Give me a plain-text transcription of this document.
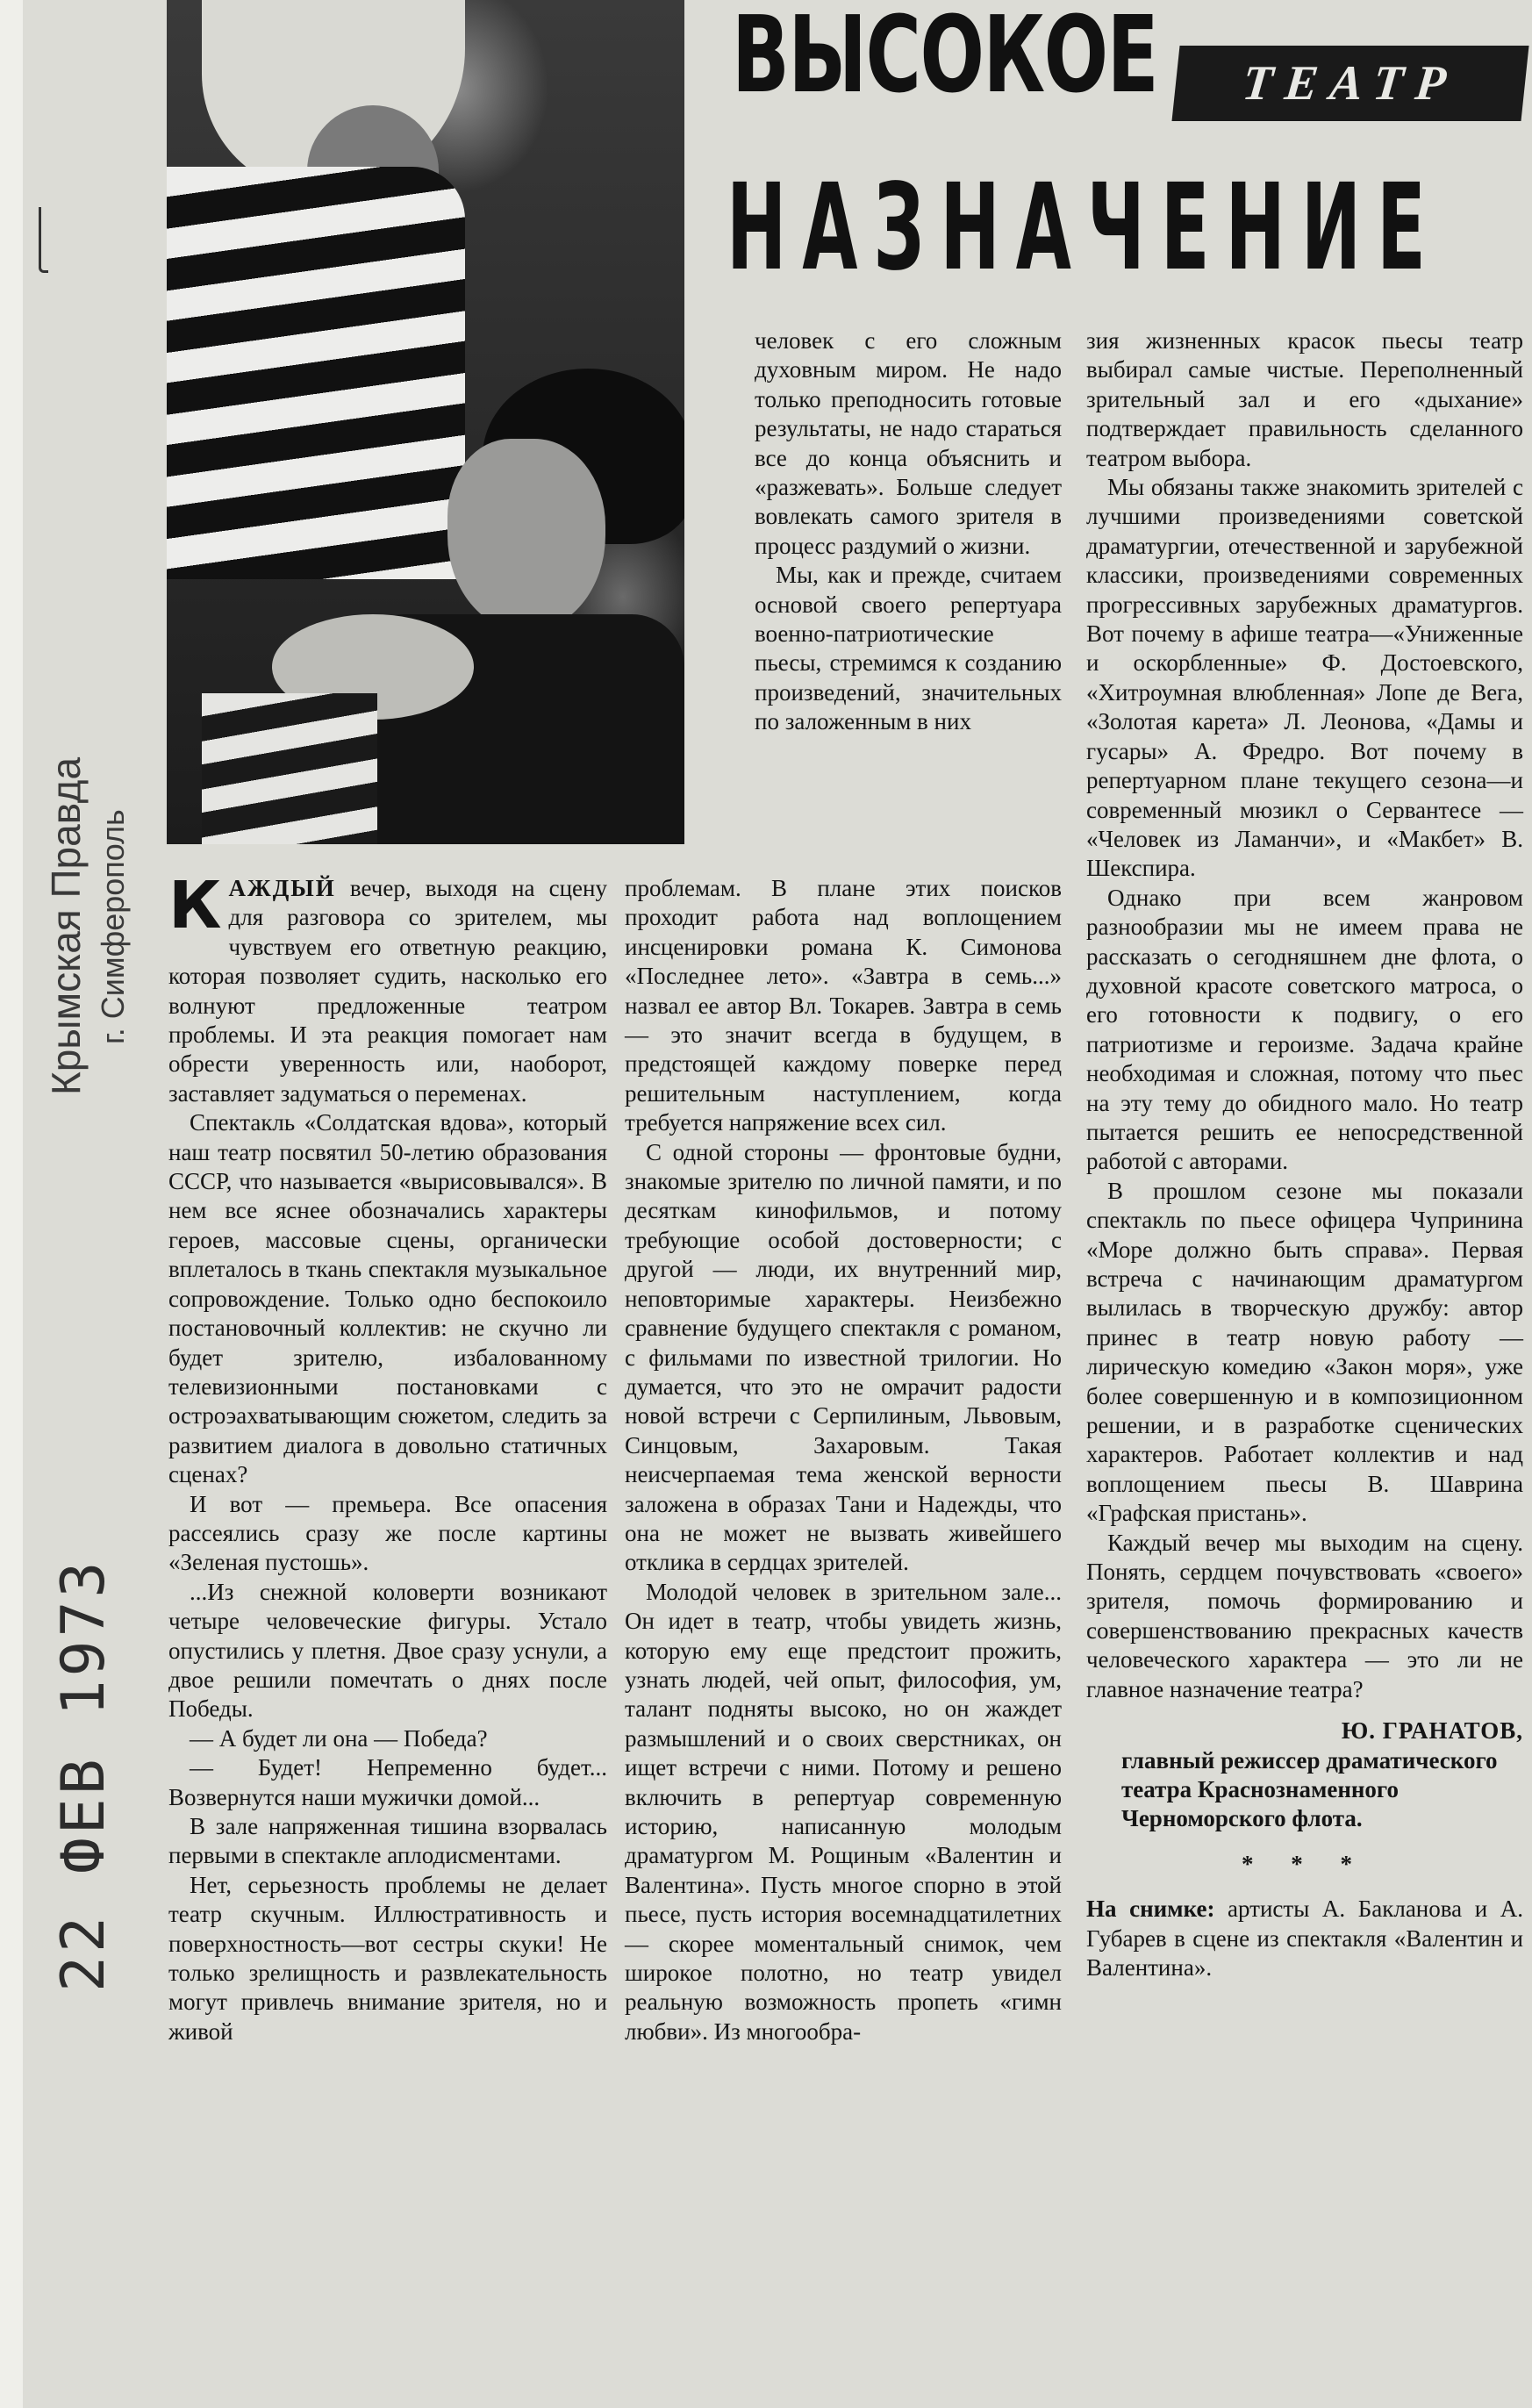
Крымская Правда г. Симферополь
22 ФЕВ 1973
ВЫСОКОЕ	ТЕАТР
НАЗНАЧЕНИЕ

человек с его сложным духовным миром. Не надо только преподносить готовые результаты, не надо стараться все до конца объяснить и «разжевать». Больше следует вовлекать самого зрителя в процесс раздумий о жизни.

Мы, как и прежде, считаем основой своего репертуара военно-патриотические пьесы, стремимся к созданию произведений, значительных по заложенным в них

зия жизненных красок пьесы театр выбирал самые чистые. Переполненный зрительный зал и его «дыхание» подтверждает правильность сделанного театром выбора.

Мы обязаны также знакомить зрителей с лучшими произведениями советской драматургии, отечественной и зарубежной классики, произведениями современных прогрессивных зарубежных драматургов. Вот почему в афише театра—«Униженные и оскорбленные» Ф. Достоевского, «Хитроумная влюбленная» Лопе де Вега, «Золотая карета» Л. Леонова, «Дамы и гусары» А. Фредро. Вот почему в репертуарном плане текущего сезона—и современный мюзикл о Сервантесе — «Человек из Ламанчи», и «Макбет» В. Шекспира.

Однако при всем жанровом разнообразии мы не имеем права не рассказать о сегодняшнем дне флота, о духовной красоте советского матроса, о его готовности к подвигу, о его патриотизме и героизме. Задача крайне необходимая и сложная, потому что пьес на эту тему до обидного мало. Но театр пытается решить ее непосредственной работой с авторами.

В прошлом сезоне мы показали спектакль по пьесе офицера Чупринина «Море должно быть справа». Первая встреча с начинающим драматургом вылилась в творческую дружбу: автор принес в театр новую работу — лирическую комедию «Закон моря», уже более совершенную и в композиционном решении, и в разработке сценических характеров. Работает коллектив и над воплощением пьесы В. Шаврина «Графская пристань».

Каждый вечер мы выходим на сцену. Понять, сердцем почувствовать «своего» зрителя, помочь формированию и совершенствованию прекрасных качеств человеческого характера — это ли не главное назначение театра?

Ю. ГРАНАТОВ,
главный режиссер драматического театра Краснознаменного Черноморского флота.
* * *

На снимке: артисты А. Бакланова и А. Губарев в сцене из спектакля «Валентин и Валентина».

КАЖДЫЙ вечер, выходя на сцену для разговора со зрителем, мы чувствуем его ответную реакцию, которая позволяет судить, насколько его волнуют предложенные театром проблемы. И эта реакция помогает нам обрести уверенность или, наоборот, заставляет задуматься о переменах.

Спектакль «Солдатская вдова», который наш театр посвятил 50-летию образования СССР, что называется «вырисовывался». В нем все яснее обозначались характеры героев, массовые сцены, органически вплеталось в ткань спектакля музыкальное сопровождение. Только одно беспокоило постановочный коллектив: не скучно ли будет зрителю, избалованному телевизионными постановками с остроэахватывающим сюжетом, следить за развитием диалога в довольно статичных сценах?

И вот — премьера. Все опасения рассеялись сразу же после картины «Зеленая пустошь».

...Из снежной коловерти возникают четыре человеческие фигуры. Устало опустились у плетня. Двое сразу уснули, а двое решили помечтать о днях после Победы.

— А будет ли она — Победа?

— Будет! Непременно будет... Возвернутся наши мужички домой...

В зале напряженная тишина взорвалась первыми в спектакле аплодисментами.

Нет, серьезность проблемы не делает театр скучным. Иллюстративность и поверхностность—вот сестры скуки! Не только зрелищность и развлекательность могут привлечь внимание зрителя, но и живой

проблемам. В плане этих поисков проходит работа над воплощением инсценировки романа К. Симонова «Последнее лето». «Завтра в семь...» назвал ее автор Вл. Токарев. Завтра в семь — это значит всегда в будущем, в предстоящей каждому поверке перед решительным наступлением, когда требуется напряжение всех сил.

С одной стороны — фронтовые будни, знакомые зрителю по личной памяти, и по десяткам кинофильмов, и потому требующие особой достоверности; с другой — люди, их внутренний мир, неповторимые характеры. Неизбежно сравнение будущего спектакля с романом, с фильмами по известной трилогии. Но думается, что это не омрачит радости новой встречи с Серпилиным, Львовым, Синцовым, Захаровым. Такая неисчерпаемая тема женской верности заложена в образах Тани и Надежды, что она не может не вызвать живейшего отклика в сердцах зрителей.

Молодой человек в зрительном зале... Он идет в театр, чтобы увидеть жизнь, которую ему еще предстоит прожить, узнать людей, чей опыт, философия, ум, талант подняты высоко, но он жаждет размышлений и о своих сверстниках, он ищет встречи с ними. Потому и решено включить в репертуар современную историю, написанную молодым драматургом М. Рощиным «Валентин и Валентина». Пусть многое спорно в этой пьесе, пусть история восемнадцатилетних — скорее моментальный снимок, чем широкое полотно, но театр увидел реальную возможность пропеть «гимн любви». Из многообра-
